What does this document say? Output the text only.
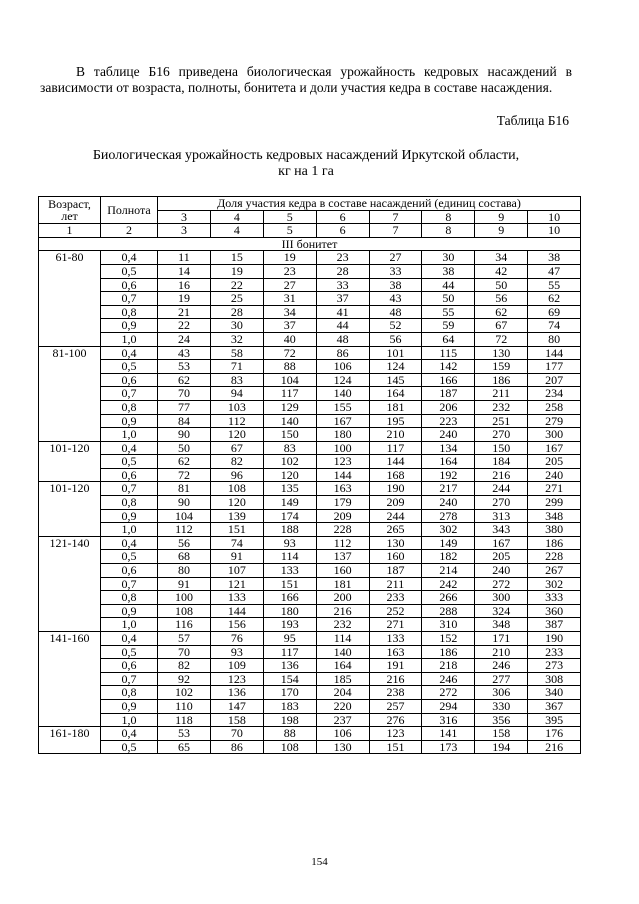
В таблице Б16 приведена биологическая урожайность кедровых насаждений в зависимости от возраста, полноты, бонитета и доли участия кедра в составе насаждения.
Таблица Б16
Биологическая урожайность кедровых насаждений Иркутской области,
кг на 1 га
Возраст, лет	Полнота	Доля участия кедра в составе насаждений (единиц состава)							
		3	4	5	6	7	8	9	10
1	2	3	4	5	6	7	8	9	10
III бонитет									
61-80	0,4	11	15	19	23	27	30	34	38
	0,5	14	19	23	28	33	38	42	47
	0,6	16	22	27	33	38	44	50	55
	0,7	19	25	31	37	43	50	56	62
	0,8	21	28	34	41	48	55	62	69
	0,9	22	30	37	44	52	59	67	74
	1,0	24	32	40	48	56	64	72	80
81-100	0,4	43	58	72	86	101	115	130	144
	0,5	53	71	88	106	124	142	159	177
	0,6	62	83	104	124	145	166	186	207
	0,7	70	94	117	140	164	187	211	234
	0,8	77	103	129	155	181	206	232	258
	0,9	84	112	140	167	195	223	251	279
	1,0	90	120	150	180	210	240	270	300
101-120	0,4	50	67	83	100	117	134	150	167
	0,5	62	82	102	123	144	164	184	205
	0,6	72	96	120	144	168	192	216	240
101-120	0,7	81	108	135	163	190	217	244	271
	0,8	90	120	149	179	209	240	270	299
	0,9	104	139	174	209	244	278	313	348
	1,0	112	151	188	228	265	302	343	380
121-140	0,4	56	74	93	112	130	149	167	186
	0,5	68	91	114	137	160	182	205	228
	0,6	80	107	133	160	187	214	240	267
	0,7	91	121	151	181	211	242	272	302
	0,8	100	133	166	200	233	266	300	333
	0,9	108	144	180	216	252	288	324	360
	1,0	116	156	193	232	271	310	348	387
141-160	0,4	57	76	95	114	133	152	171	190
	0,5	70	93	117	140	163	186	210	233
	0,6	82	109	136	164	191	218	246	273
	0,7	92	123	154	185	216	246	277	308
	0,8	102	136	170	204	238	272	306	340
	0,9	110	147	183	220	257	294	330	367
	1,0	118	158	198	237	276	316	356	395
161-180	0,4	53	70	88	106	123	141	158	176
	0,5	65	86	108	130	151	173	194	216
154
